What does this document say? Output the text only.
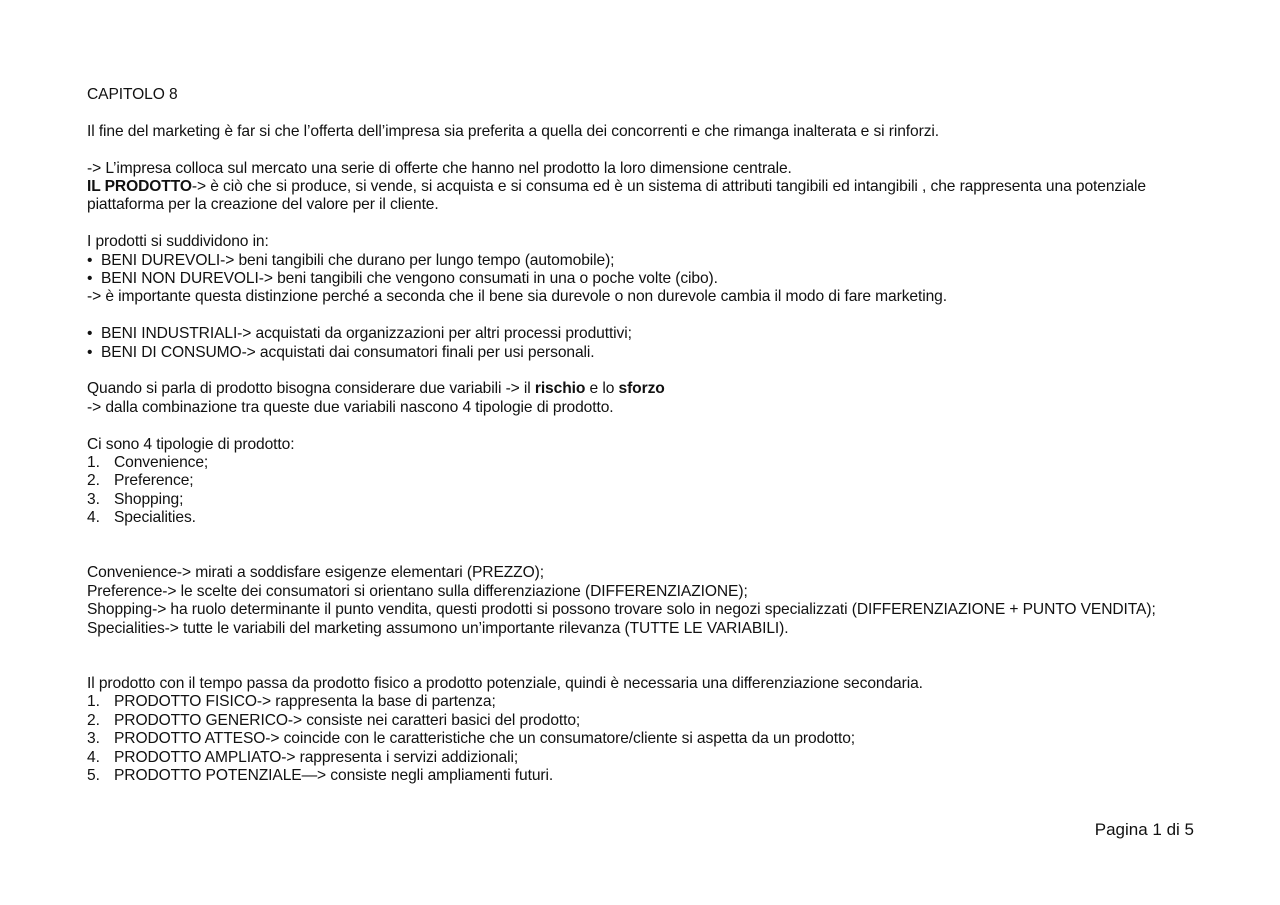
CAPITOLO 8

Il fine del marketing è far si che l’offerta dell’impresa sia preferita a quella dei concorrenti e che rimanga inalterata e si rinforzi.

-> L’impresa colloca sul mercato una serie di offerte che hanno nel prodotto la loro dimensione centrale.

IL PRODOTTO-> è ciò che si produce, si vende, si acquista e si consuma ed è un sistema di attributi tangibili ed intangibili , che rappresenta una potenziale piattaforma per la creazione del valore per il cliente.

I prodotti si suddividono in:

• BENI DUREVOLI-> beni tangibili che durano per lungo tempo (automobile);
• BENI NON DUREVOLI-> beni tangibili che vengono consumati in una o poche volte (cibo).

-> è importante questa distinzione perché a seconda che il bene sia durevole o non durevole cambia il modo di fare marketing.

• BENI INDUSTRIALI-> acquistati da organizzazioni per altri processi produttivi;
• BENI DI CONSUMO-> acquistati dai consumatori finali per usi personali.

Quando si parla di prodotto bisogna considerare due variabili -> il rischio e lo sforzo

-> dalla combinazione tra queste due variabili nascono 4 tipologie di prodotto.

Ci sono 4 tipologie di prodotto:

1. Convenience;
2. Preference;
3. Shopping;
4. Specialities.

Convenience-> mirati a soddisfare esigenze elementari (PREZZO);

Preference-> le scelte dei consumatori si orientano sulla differenziazione (DIFFERENZIAZIONE);

Shopping-> ha ruolo determinante il punto vendita, questi prodotti si possono trovare solo in negozi specializzati (DIFFERENZIAZIONE + PUNTO VENDITA);

Specialities-> tutte le variabili del marketing assumono un’importante rilevanza (TUTTE LE VARIABILI).

Il prodotto con il tempo passa da prodotto fisico a prodotto potenziale, quindi è necessaria una differenziazione secondaria.

1. PRODOTTO FISICO-> rappresenta la base di partenza;
2. PRODOTTO GENERICO-> consiste nei caratteri basici del prodotto;
3. PRODOTTO ATTESO-> coincide con le caratteristiche che un consumatore/cliente si aspetta da un prodotto;
4. PRODOTTO AMPLIATO-> rappresenta i servizi addizionali;
5. PRODOTTO POTENZIALE—> consiste negli ampliamenti futuri.
Pagina 1 di 5
